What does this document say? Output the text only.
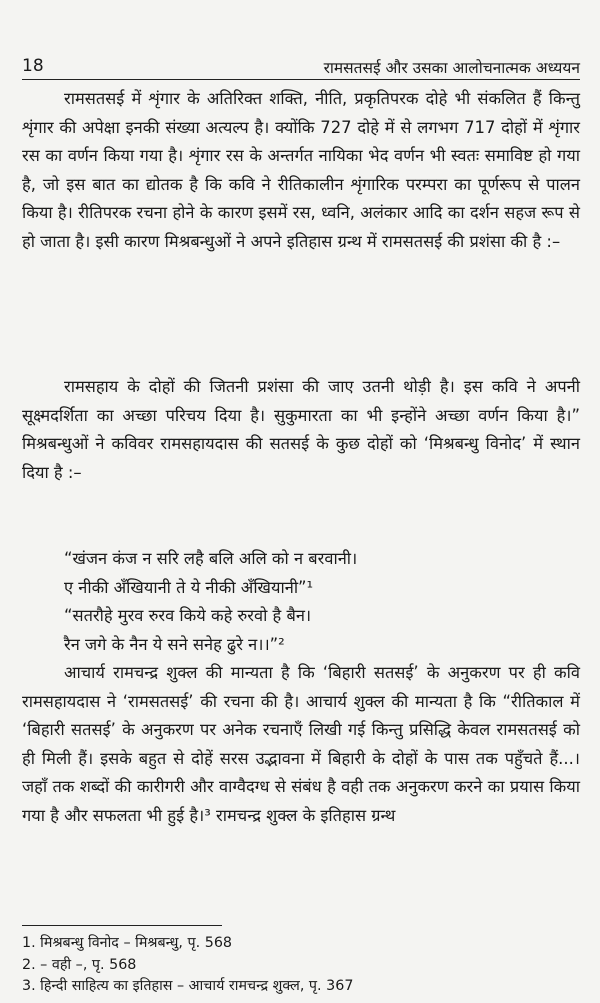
18	रामसतसई और उसका आलोचनात्मक अध्ययन

रामसतसई में शृंगार के अतिरिक्त शक्ति, नीति, प्रकृतिपरक दोहे भी संकलित हैं किन्तु शृंगार की अपेक्षा इनकी संख्या अत्यल्प है। क्योंकि 727 दोहे में से लगभग 717 दोहों में शृंगार रस का वर्णन किया गया है। शृंगार रस के अन्तर्गत नायिका भेद वर्णन भी स्वतः समाविष्ट हो गया है, जो इस बात का द्योतक है कि कवि ने रीतिकालीन शृंगारिक परम्परा का पूर्णरूप से पालन किया है। रीतिपरक रचना होने के कारण इसमें रस, ध्वनि, अलंकार आदि का दर्शन सहज रूप से हो जाता है। इसी कारण मिश्रबन्धुओं ने अपने इतिहास ग्रन्थ में रामसतसई की प्रशंसा की है :–

रामसहाय के दोहों की जितनी प्रशंसा की जाए उतनी थोड़ी है। इस कवि ने अपनी सूक्ष्मदर्शिता का अच्छा परिचय दिया है। सुकुमारता का भी इन्होंने अच्छा वर्णन किया है।” मिश्रबन्धुओं ने कविवर रामसहायदास की सतसई के कुछ दोहों को ‘मिश्रबन्धु विनोद’ में स्थान दिया है :–

“खंजन कंज न सरि लहै बलि अलि को न बरवानी।
ए नीकी अँखियानी ते ये नीकी अँखियानी”¹
“सतरौहे मुरव रुरव किये कहे रुरवो है बैन।
रैन जगे के नैन ये सने सनेह ढुरे न।।”²

आचार्य रामचन्द्र शुक्ल की मान्यता है कि ‘बिहारी सतसई’ के अनुकरण पर ही कवि रामसहायदास ने ‘रामसतसई’ की रचना की है। आचार्य शुक्ल की मान्यता है कि “रीतिकाल में ‘बिहारी सतसई’ के अनुकरण पर अनेक रचनाएँ लिखी गई किन्तु प्रसिद्धि केवल रामसतसई को ही मिली हैं। इसके बहुत से दोहें सरस उद्भावना में बिहारी के दोहों के पास तक पहुँचते हैं...। जहाँ तक शब्दों की कारीगरी और वाग्वैदग्ध से संबंध है वही तक अनुकरण करने का प्रयास किया गया है और सफलता भी हुई है।³ रामचन्द्र शुक्ल के इतिहास ग्रन्थ

1. मिश्रबन्धु विनोद – मिश्रबन्धु, पृ. 568
2. – वही –, पृ. 568
3. हिन्दी साहित्य का इतिहास – आचार्य रामचन्द्र शुक्ल, पृ. 367
